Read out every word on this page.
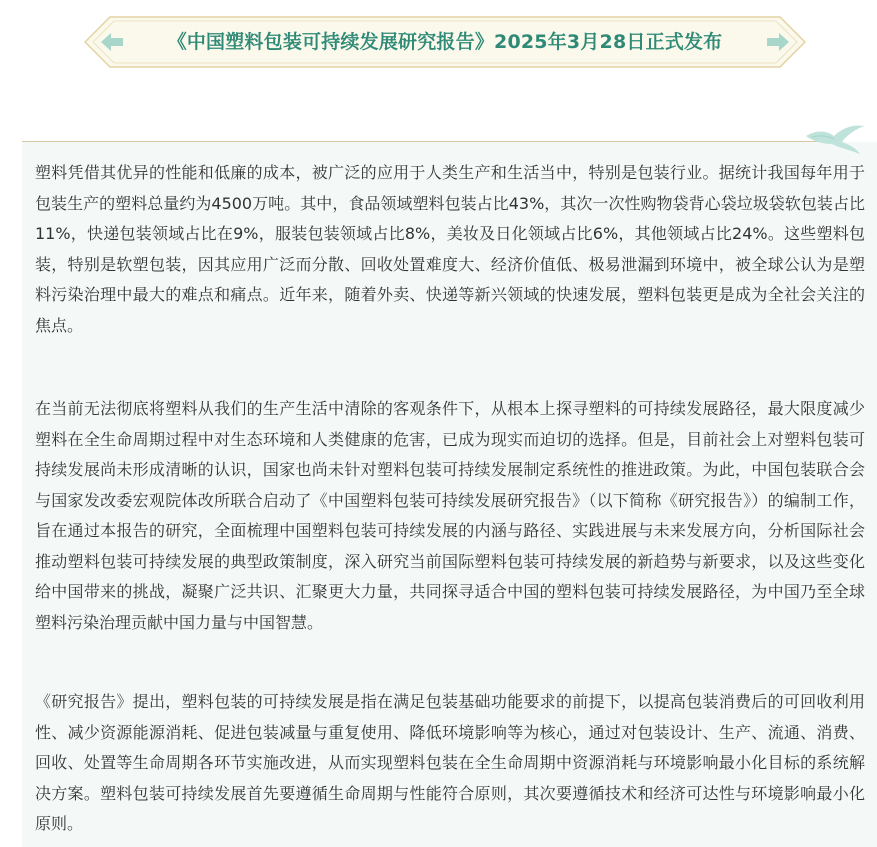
《中国塑料包装可持续发展研究报告》2025年3月28日正式发布

塑料凭借其优异的性能和低廉的成本，被广泛的应用于人类生产和生活当中，特别是包装行业。据统计我国每年用于包装生产的塑料总量约为4500万吨。其中，食品领域塑料包装占比43%，其次一次性购物袋背心袋垃圾袋软包装占比11%，快递包装领域占比在9%，服装包装领域占比8%，美妆及日化领域占比6%，其他领域占比24%。这些塑料包装，特别是软塑包装，因其应用广泛而分散、回收处置难度大、经济价值低、极易泄漏到环境中，被全球公认为是塑料污染治理中最大的难点和痛点。近年来，随着外卖、快递等新兴领域的快速发展，塑料包装更是成为全社会关注的焦点。

在当前无法彻底将塑料从我们的生产生活中清除的客观条件下，从根本上探寻塑料的可持续发展路径，最大限度减少塑料在全生命周期过程中对生态环境和人类健康的危害，已成为现实而迫切的选择。但是，目前社会上对塑料包装可持续发展尚未形成清晰的认识，国家也尚未针对塑料包装可持续发展制定系统性的推进政策。为此，中国包装联合会与国家发改委宏观院体改所联合启动了《中国塑料包装可持续发展研究报告》（以下简称《研究报告》）的编制工作，旨在通过本报告的研究，全面梳理中国塑料包装可持续发展的内涵与路径、实践进展与未来发展方向，分析国际社会推动塑料包装可持续发展的典型政策制度，深入研究当前国际塑料包装可持续发展的新趋势与新要求，以及这些变化给中国带来的挑战，凝聚广泛共识、汇聚更大力量，共同探寻适合中国的塑料包装可持续发展路径，为中国乃至全球塑料污染治理贡献中国力量与中国智慧。

《研究报告》提出，塑料包装的可持续发展是指在满足包装基础功能要求的前提下，以提高包装消费后的可回收利用性、减少资源能源消耗、促进包装减量与重复使用、降低环境影响等为核心，通过对包装设计、生产、流通、消费、回收、处置等生命周期各环节实施改进，从而实现塑料包装在全生命周期中资源消耗与环境影响最小化目标的系统解决方案。塑料包装可持续发展首先要遵循生命周期与性能符合原则，其次要遵循技术和经济可达性与环境影响最小化原则。
